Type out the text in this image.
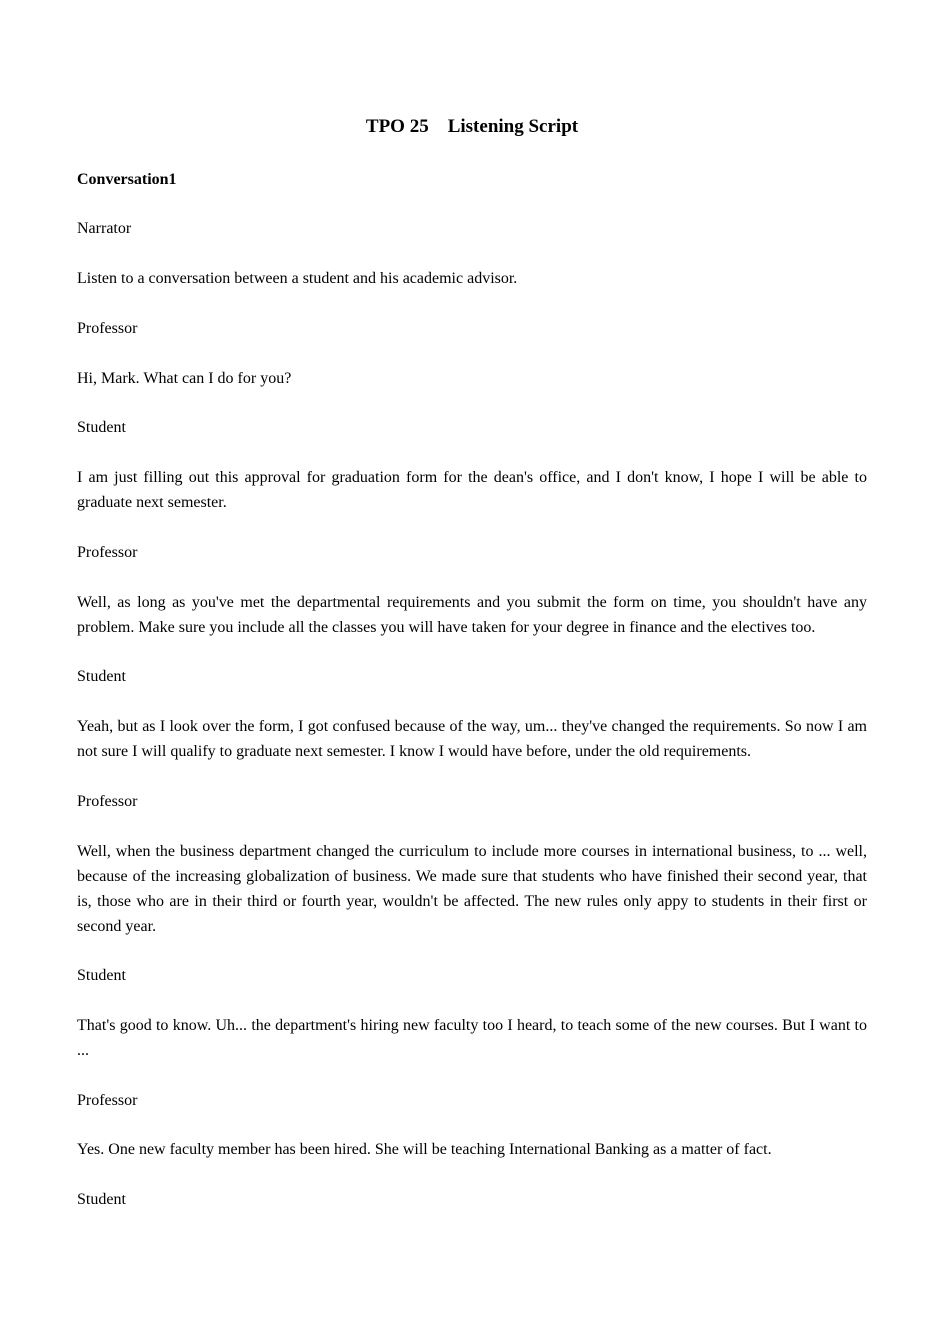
TPO 25    Listening Script

Conversation1

Narrator

Listen to a conversation between a student and his academic advisor.

Professor

Hi, Mark. What can I do for you?

Student

I am just filling out this approval for graduation form for the dean's office, and I don't know, I hope I will be able to graduate next semester.

Professor

Well, as long as you've met the departmental requirements and you submit the form on time, you shouldn't have any problem. Make sure you include all the classes you will have taken for your degree in finance and the electives too.

Student

Yeah, but as I look over the form, I got confused because of the way, um... they've changed the requirements. So now I am not sure I will qualify to graduate next semester. I know I would have before, under the old requirements.

Professor

Well, when the business department changed the curriculum to include more courses in international business, to ... well, because of the increasing globalization of business. We made sure that students who have finished their second year, that is, those who are in their third or fourth year, wouldn't be affected. The new rules only appy to students in their first or second year.

Student

That's good to know. Uh... the department's hiring new faculty too I heard, to teach some of the new courses. But I want to ...

Professor

Yes. One new faculty member has been hired. She will be teaching International Banking as a matter of fact.

Student
